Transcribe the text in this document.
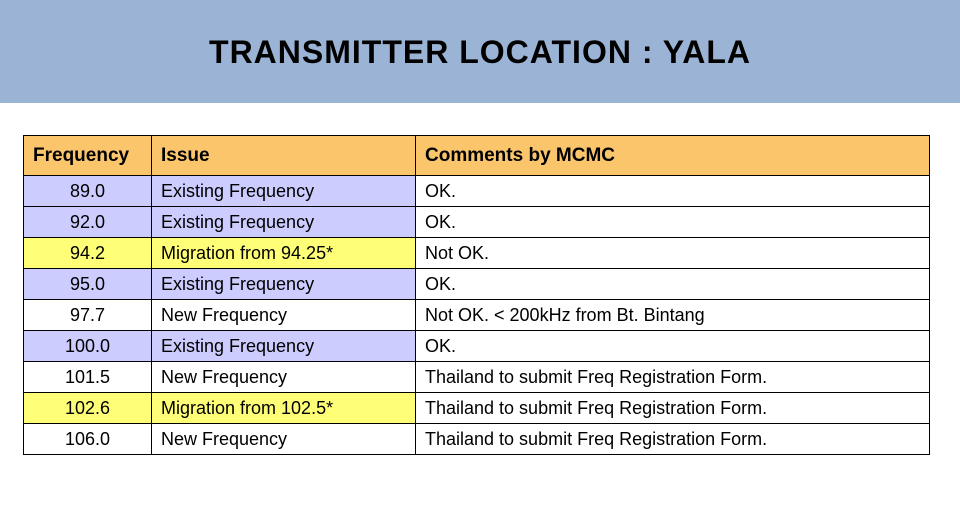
TRANSMITTER LOCATION : YALA
Frequency	Issue	Comments by MCMC
89.0	Existing Frequency	OK.
92.0	Existing Frequency	OK.
94.2	Migration from 94.25*	Not OK.
95.0	Existing Frequency	OK.
97.7	New Frequency	Not OK. < 200kHz from Bt. Bintang
100.0	Existing Frequency	OK.
101.5	New Frequency	Thailand to submit Freq Registration Form.
102.6	Migration from 102.5*	Thailand to submit Freq Registration Form.
106.0	New Frequency	Thailand to submit Freq Registration Form.
